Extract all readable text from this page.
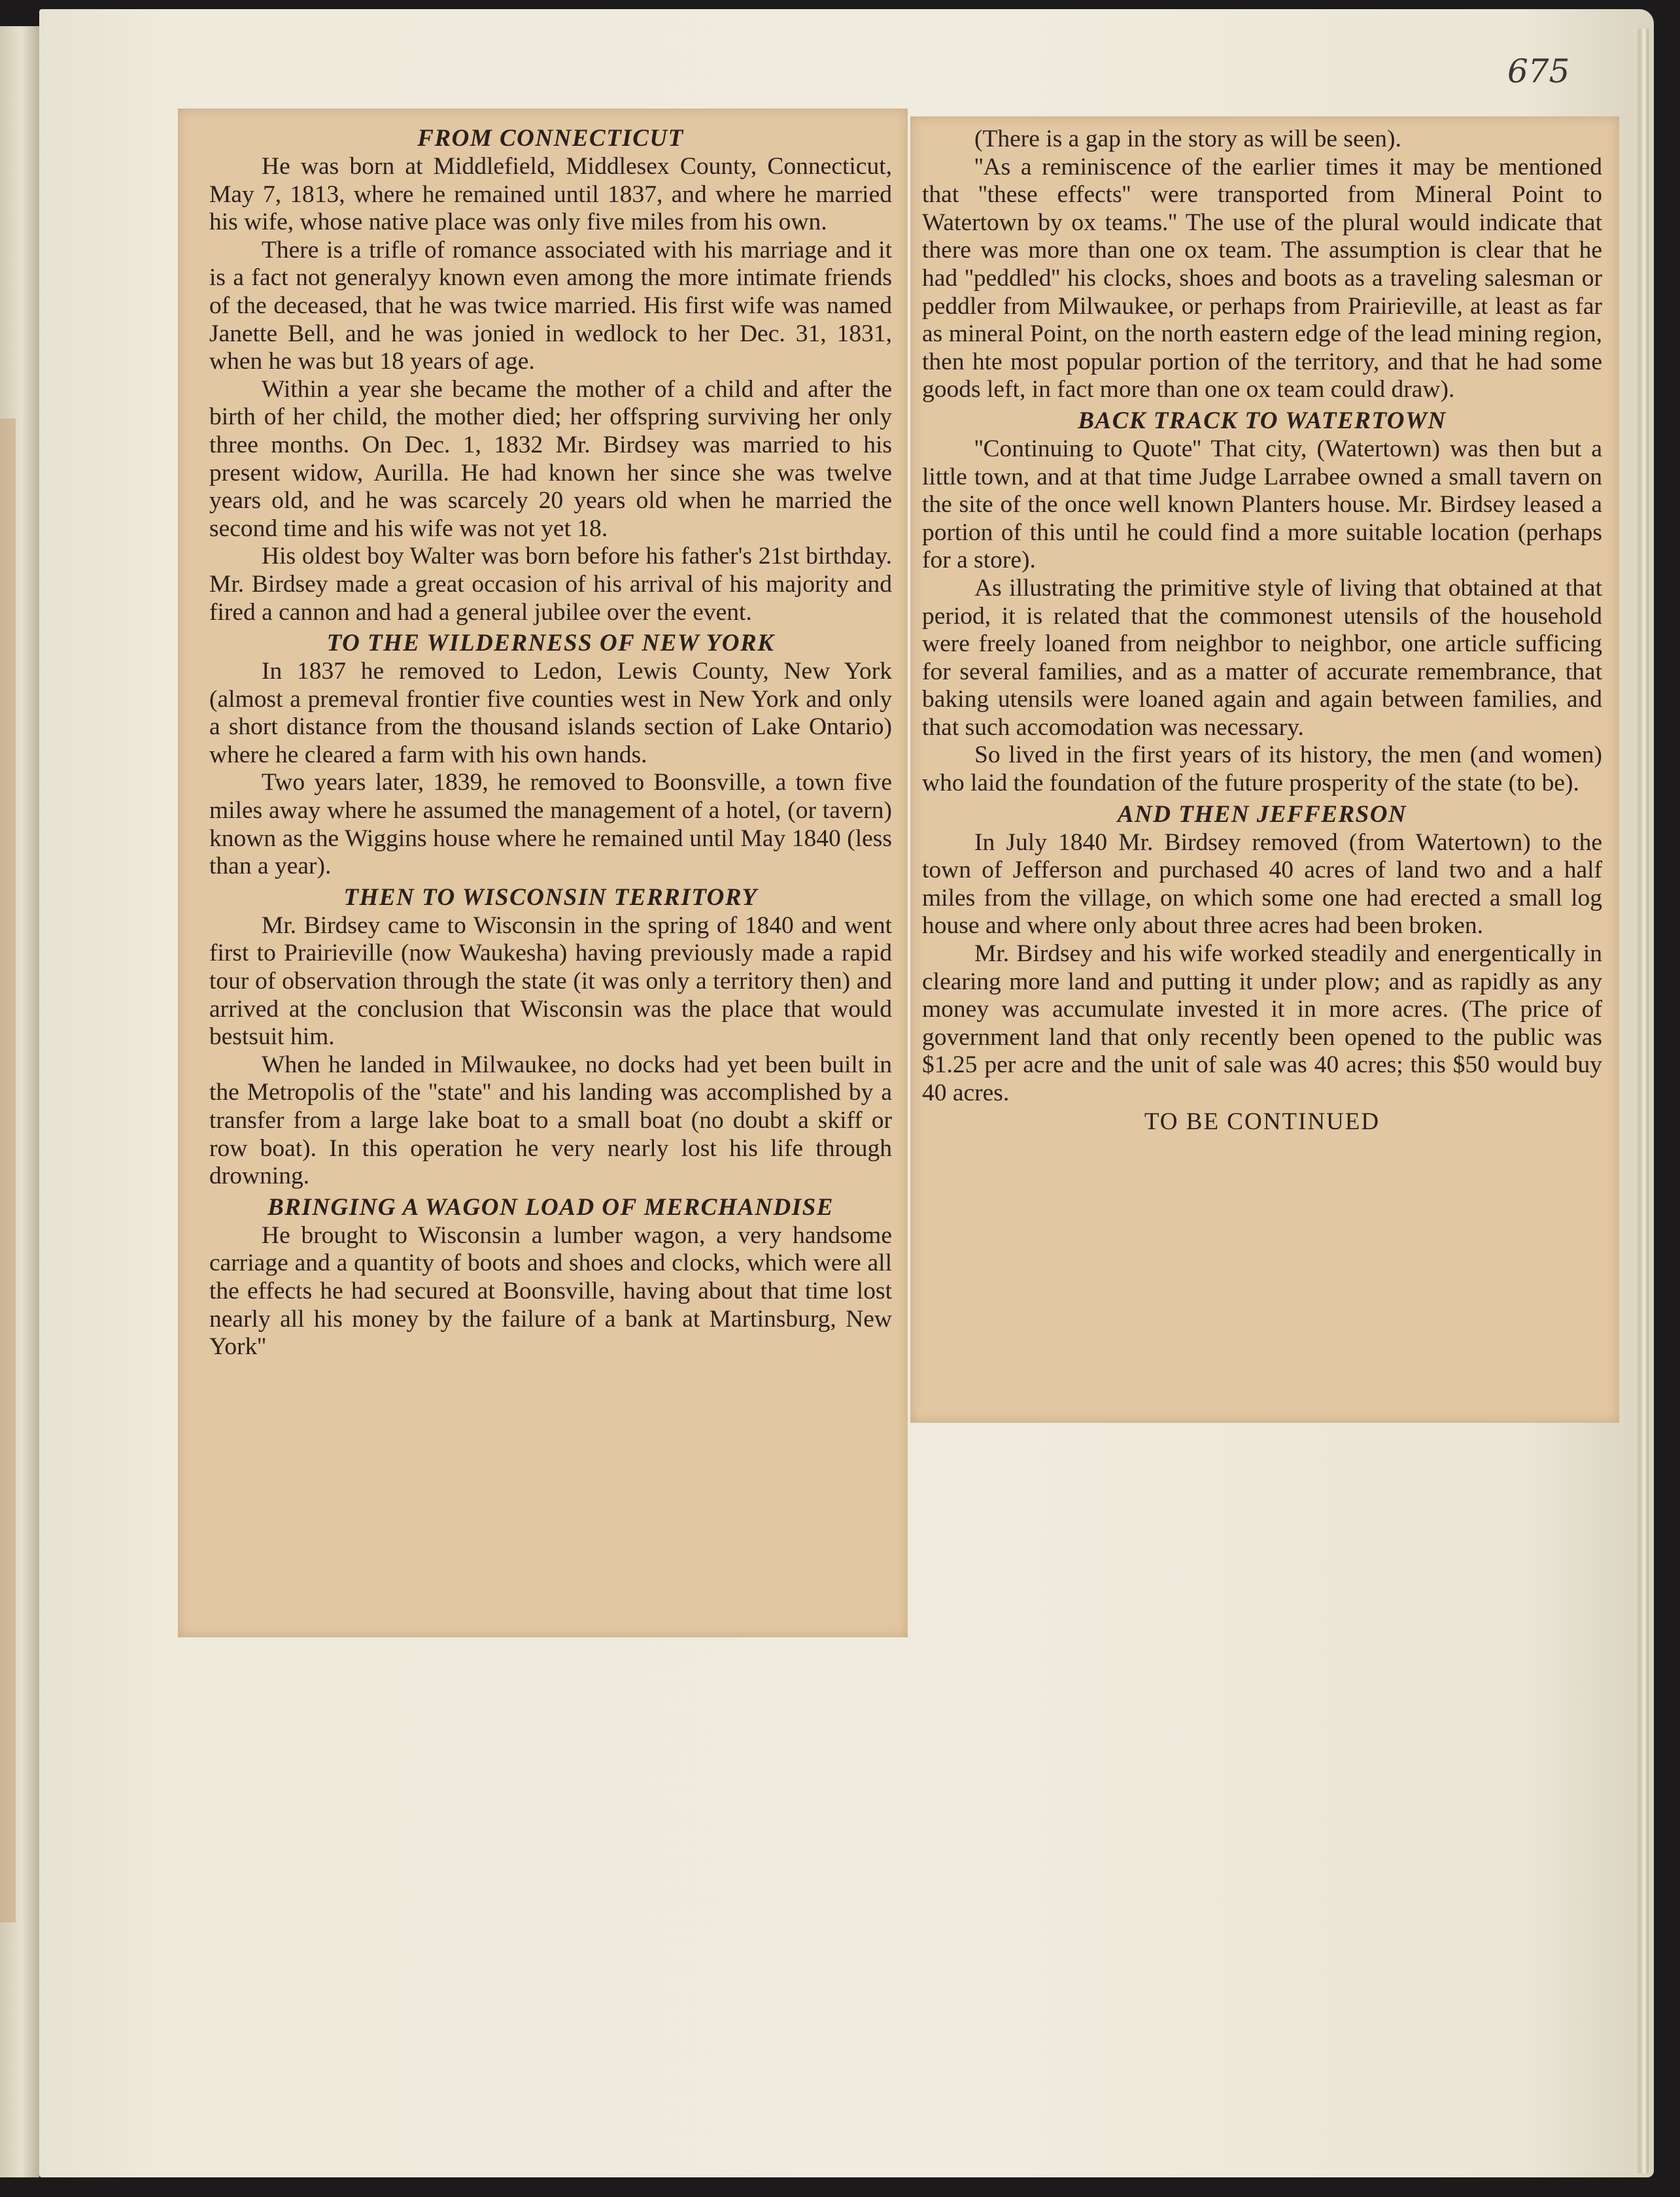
675
FROM CONNECTICUT

He was born at Middlefield, Middlesex County, Connecticut, May 7, 1813, where he remained until 1837, and where he married his wife, whose native place was only five miles from his own.

There is a trifle of romance associated with his marriage and it is a fact not generalyy known even among the more intimate friends of the deceased, that he was twice married. His first wife was named Janette Bell, and he was jonied in wedlock to her Dec. 31, 1831, when he was but 18 years of age.

Within a year she became the mother of a child and after the birth of her child, the mother died; her offspring surviving her only three months. On Dec. 1, 1832 Mr. Birdsey was married to his present widow, Aurilla. He had known her since she was twelve years old, and he was scarcely 20 years old when he married the second time and his wife was not yet 18.

His oldest boy Walter was born before his father's 21st birthday. Mr. Birdsey made a great occasion of his arrival of his majority and fired a cannon and had a general jubilee over the event.

TO THE WILDERNESS OF NEW YORK

In 1837 he removed to Ledon, Lewis County, New York (almost a premeval frontier five counties west in New York and only a short distance from the thousand islands section of Lake Ontario) where he cleared a farm with his own hands.

Two years later, 1839, he removed to Boonsville, a town five miles away where he assumed the management of a hotel, (or tavern) known as the Wiggins house where he remained until May 1840 (less than a year).

THEN TO WISCONSIN TERRITORY

Mr. Birdsey came to Wisconsin in the spring of 1840 and went first to Prairieville (now Waukesha) having previously made a rapid tour of observation through the state (it was only a territory then) and arrived at the conclusion that Wisconsin was the place that would bestsuit him.

When he landed in Milwaukee, no docks had yet been built in the Metropolis of the ''state'' and his landing was accomplished by a transfer from a large lake boat to a small boat (no doubt a skiff or row boat). In this operation he very nearly lost his life through drowning.

BRINGING A WAGON LOAD OF MERCHANDISE

He brought to Wisconsin a lumber wagon, a very handsome carriage and a quantity of boots and shoes and clocks, which were all the effects he had secured at Boonsville, having about that time lost nearly all his money by the failure of a bank at Martinsburg, New York''

(There is a gap in the story as will be seen).

''As a reminiscence of the earlier times it may be mentioned that ''these effects'' were transported from Mineral Point to Watertown by ox teams.'' The use of the plural would indicate that there was more than one ox team. The assumption is clear that he had ''peddled'' his clocks, shoes and boots as a traveling salesman or peddler from Milwaukee, or perhaps from Prairieville, at least as far as mineral Point, on the north eastern edge of the lead mining region, then hte most popular portion of the territory, and that he had some goods left, in fact more than one ox team could draw).

BACK TRACK TO WATERTOWN

''Continuing to Quote'' That city, (Watertown) was then but a little town, and at that time Judge Larrabee owned a small tavern on the site of the once well known Planters house. Mr. Birdsey leased a portion of this until he could find a more suitable location (perhaps for a store).

As illustrating the primitive style of living that obtained at that period, it is related that the commonest utensils of the household were freely loaned from neighbor to neighbor, one article sufficing for several families, and as a matter of accurate remembrance, that baking utensils were loaned again and again between families, and that such accomodation was necessary.

So lived in the first years of its history, the men (and women) who laid the foundation of the future prosperity of the state (to be).

AND THEN JEFFERSON

In July 1840 Mr. Birdsey removed (from Watertown) to the town of Jefferson and purchased 40 acres of land two and a half miles from the village, on which some one had erected a small log house and where only about three acres had been broken.

Mr. Birdsey and his wife worked steadily and energentically in clearing more land and putting it under plow; and as rapidly as any money was accumulate invested it in more acres. (The price of government land that only recently been opened to the public was $1.25 per acre and the unit of sale was 40 acres; this $50 would buy 40 acres.

TO BE CONTINUED
